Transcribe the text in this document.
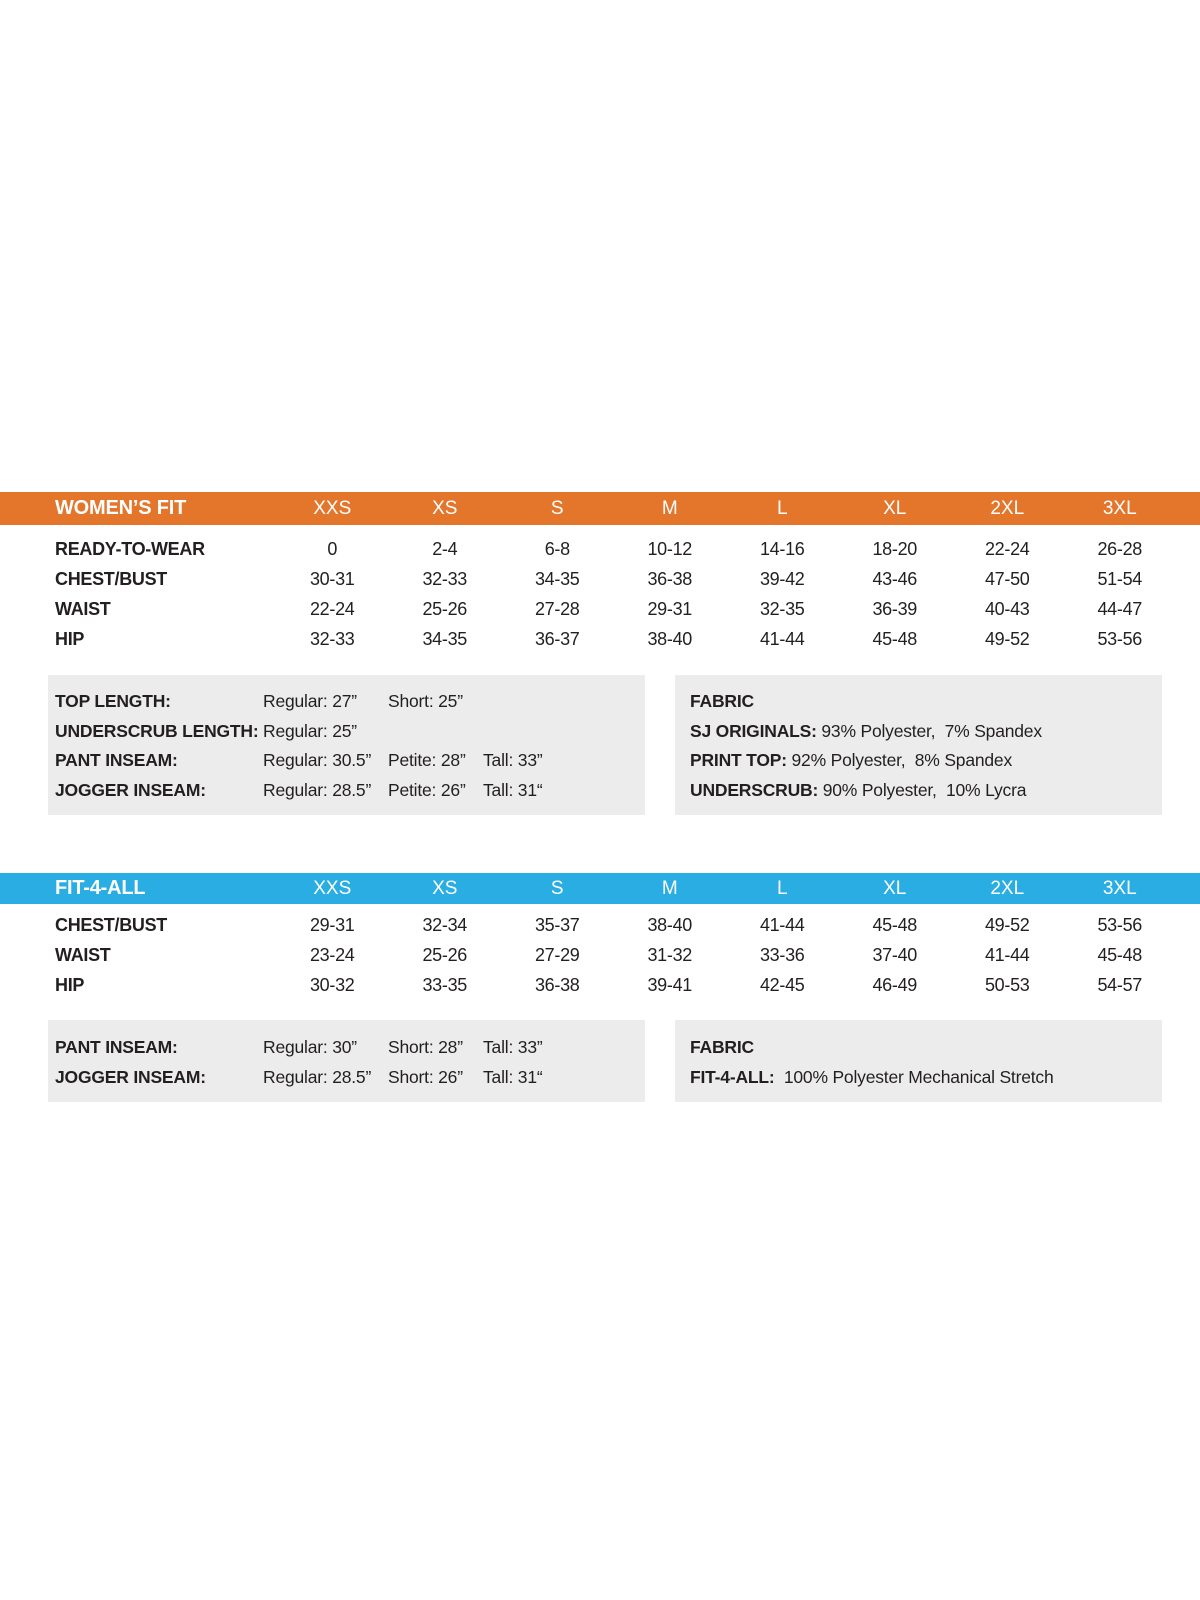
WOMEN’S FIT	XXS	XS	S	M	L	XL	2XL	3XL
READY-TO-WEAR	0	2-4	6-8	10-12	14-16	18-20	22-24	26-28
CHEST/BUST	30-31	32-33	34-35	36-38	39-42	43-46	47-50	51-54
WAIST	22-24	25-26	27-28	29-31	32-35	36-39	40-43	44-47
HIP	32-33	34-35	36-37	38-40	41-44	45-48	49-52	53-56
TOP LENGTH:	Regular: 27”	Short: 25”
UNDERSCRUB LENGTH: Regular: 25”
PANT INSEAM:	Regular: 30.5” Petite: 28” Tall: 33”
JOGGER INSEAM:	Regular: 28.5” Petite: 26” Tall: 31“
FABRIC
SJ ORIGINALS: 93% Polyester,  7% Spandex
PRINT TOP: 92% Polyester,  8% Spandex
UNDERSCRUB: 90% Polyester,  10% Lycra
FIT-4-ALL	XXS	XS	S	M	L	XL	2XL	3XL
CHEST/BUST	29-31	32-34	35-37	38-40	41-44	45-48	49-52	53-56
WAIST	23-24	25-26	27-29	31-32	33-36	37-40	41-44	45-48
HIP	30-32	33-35	36-38	39-41	42-45	46-49	50-53	54-57
PANT INSEAM:	Regular: 30”	Short: 28”	Tall: 33”
JOGGER INSEAM:	Regular: 28.5” Short: 26”	Tall: 31“
FABRIC
FIT-4-ALL:  100% Polyester Mechanical Stretch
